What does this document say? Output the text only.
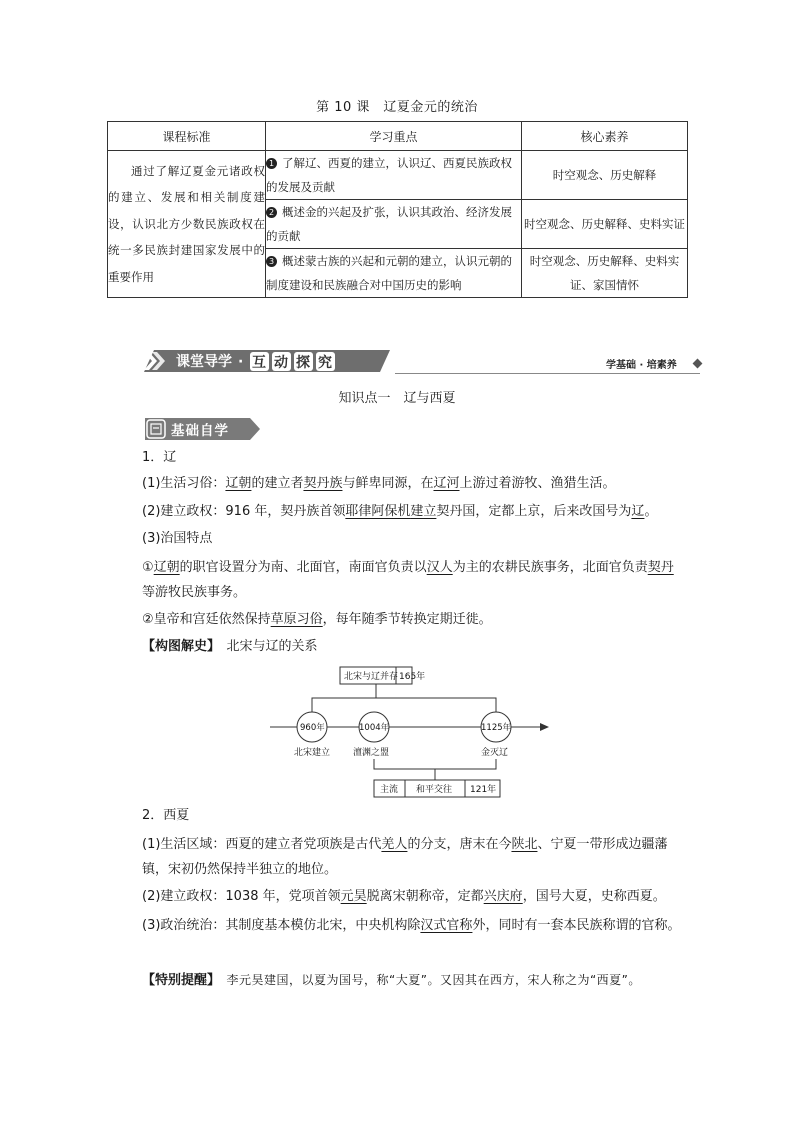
第 10 课　辽夏金元的统治
课程标准	学习重点	核心素养
通过了解辽夏金元诸政权的建立、发展和相关制度建设，认识北方少数民族政权在统一多民族封建国家发展中的重要作用	1 了解辽、西夏的建立，认识辽、西夏民族政权的发展及贡献	时空观念、历史解释
	2 概述金的兴起及扩张，认识其政治、经济发展的贡献	时空观念、历史解释、史料实证
	3 概述蒙古族的兴起和元朝的建立，认识元朝的制度建设和民族融合对中国历史的影响	时空观念、历史解释、史料实证、家国情怀
课堂导学 · 互 动 探 究	学基础 · 培素养
知识点一　辽与西夏
基础自学
1．辽
(1)生活习俗：辽朝的建立者契丹族与鲜卑同源，在辽河上游过着游牧、渔猎生活。
(2)建立政权：916 年，契丹族首领耶律阿保机建立契丹国，定都上京，后来改国号为辽。
(3)治国特点
①辽朝的职官设置分为南、北面官，南面官负责以汉人为主的农耕民族事务，北面官负责契丹等游牧民族事务。
②皇帝和宫廷依然保持草原习俗，每年随季节转换定期迁徙。
【构图解史】　 北宋与辽的关系
北宋与辽并存 165年
960年	1004年	1125年
北宋建立	澶渊之盟	金灭辽
主流 和平交往 121年
2．西夏
(1)生活区域：西夏的建立者党项族是古代羌人的分支，唐末在今陕北、宁夏一带形成边疆藩镇，宋初仍然保持半独立的地位。
(2)建立政权：1038 年，党项首领元昊脱离宋朝称帝，定都兴庆府，国号大夏，史称西夏。
(3)政治统治：其制度基本模仿北宋，中央机构除汉式官称外，同时有一套本民族称谓的官称。
【特别提醒】　 李元昊建国，以夏为国号，称“大夏”。又因其在西方，宋人称之为“西夏”。
